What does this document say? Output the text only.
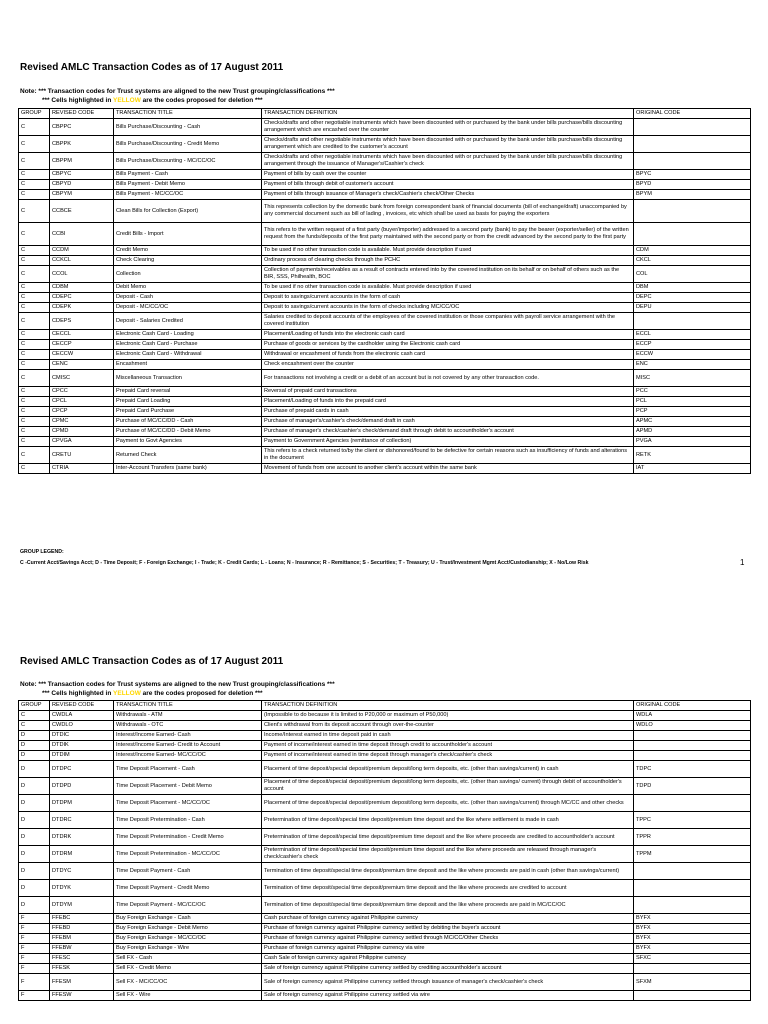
Revised AMLC Transaction Codes as of 17 August 2011
Note: *** Transaction codes for Trust systems are aligned to the new Trust grouping/classifications ***
*** Cells highlighted in YELLOW are the codes proposed for deletion ***
GROUP	REVISED CODE	TRANSACTION TITLE	TRANSACTION DEFINITION	ORIGINAL CODE
C	CBPPC	Bills Purchase/Discounting - Cash	Checks/drafts and other negotiable instruments which have been discounted with or purchased by the bank under bills purchase/bills discounting arrangement which are encashed over the counter	
C	CBPPK	Bills Purchase/Discounting - Credit Memo	Checks/drafts and other negotiable instruments which have been discounted with or purchased by the bank under bills purchase/bills discounting arrangement which are credited to the customer's account	
C	CBPPM	Bills Purchase/Discounting - MC/CC/OC	Checks/drafts and other negotiable instruments which have been discounted with or purchased by the bank under bills purchase/bills discounting arrangement through the issuance of Manager's/Cashier's check	
C	CBPYC	Bills Payment - Cash	Payment of bills by cash over the counter	BPYC
C	CBPYD	Bills Payment - Debit Memo	Payment of bills through debit of customer's account	BPYD
C	CBPYM	Bills Payment - MC/CC/OC	Payment of bills through issuance of Manager's check/Cashier's check/Other Checks	BPYM
C	CCBCE	Clean Bills for Collection (Export)	This represents collection by the domestic bank from foreign correspondent bank of financial documents (bill of exchange/draft) unaccompanied by any commercial document such as bill of lading , invoices, etc which shall be used as basis for paying the exporters	
C	CCBI	Credit Bills - Import	This refers to the written request of a first party (buyer/importer) addressed to a second party (bank) to pay the bearer (exporter/seller) of the written request from the funds/deposits of the first party maintained with the second party or from the credit advanced by the second party to the first party	
C	CCDM	Credit Memo	To be used if no other transaction code is available. Must provide description if used	CDM
C	CCKCL	Check Clearing	Ordinary process of clearing checks through the PCHC	CKCL
C	CCOL	Collection	Collection of payments/receivables as a result of contracts entered into by the covered institution on its behalf or on behalf of others such as the BIR, SSS, Philhealth, BOC	COL
C	CDBM	Debit Memo	To be used if no other transaction code is available. Must provide description if used	DBM
C	CDEPC	Deposit - Cash	Deposit to savings/current accounts in the form of cash	DEPC
C	CDEPK	Deposit - MC/CC/OC	Deposit to savings/current accounts in the form of checks including MC/CC/OC	DEPU
C	CDEPS	Deposit - Salaries Credited	Salaries credited to deposit accounts of the employees of the covered institution or those companies with payroll service arrangement with the covered institution	
C	CECCL	Electronic Cash Card - Loading	Placement/Loading of funds into the electronic cash card	ECCL
C	CECCP	Electronic Cash Card - Purchase	Purchase of goods or services by the cardholder using the Electronic cash card	ECCP
C	CECCW	Electronic Cash Card - Withdrawal	Withdrawal or encashment of funds from the electronic cash card	ECCW
C	CENC	Encashment	Check encashment over the counter	ENC
C	CMISC	Miscellaneous Transaction	For transactions not involving a credit or a debit of an account but is not covered by any other transaction code.	MISC
C	CPCC	Prepaid Card reversal	Reversal of prepaid card transactions	PCC
C	CPCL	Prepaid Card Loading	Placement/Loading of funds into the prepaid card	PCL
C	CPCP	Prepaid Card Purchase	Purchase of prepaid cards in cash	PCP
C	CPMC	Purchase of MC/CC/DD - Cash	Purchase of manager's/cashier's check/demand draft in cash	APMC
C	CPMD	Purchase of MC/CC/DD - Debit Memo	Purchase of manager's check/cashier's check/demand draft through debit to accountholder's account	APMD
C	CPVGA	Payment to Govt Agencies	Payment to Government Agencies (remittance of collection)	PVGA
C	CRETU	Returned Check	This refers to a check returned to/by the client or dishonored/found to be defective for certain reasons such as insufficiency of funds and alterations in the document	RETK
C	CTRIA	Inter-Account Transfers (same bank)	Movement of funds from one account to another client's account within the same bank	IAT
GROUP LEGEND:
C -Current Acct/Savings Acct; D - Time Deposit; F - Foreign Exchange; I - Trade; K - Credit Cards; L - Loans; N - Insurance; R - Remittance; S - Securities; T - Treasury; U - Trust/Investment Mgmt Acct/Custodianship; X - No/Low Risk	1
Revised AMLC Transaction Codes as of 17 August 2011
Note: *** Transaction codes for Trust systems are aligned to the new Trust grouping/classifications ***
*** Cells highlighted in YELLOW are the codes proposed for deletion ***
GROUP	REVISED CODE	TRANSACTION TITLE	TRANSACTION DEFINITION	ORIGINAL CODE
C	CWDLA	Withdrawals - ATM	(Impossible to do because it is limited to P20,000 or maximum of P50,000)	WDLA
C	CWDLO	Withdrawals - OTC	Client's withdrawal from its deposit account through over-the-counter	WDLO
D	DTDIC	Interest/Income Earned- Cash	Income/Interest earned in time deposit paid in cash	
D	DTDIK	Interest/Income Earned- Credit to Account	Payment of income/interest earned in time deposit through credit to accountholder's account	
D	DTDIM	Interest/Income Earned- MC/CC/OC	Payment of income/interest earned in time deposit through manager's check/cashier's check	
D	DTDPC	Time Deposit Placement - Cash	Placement of time deposit/special deposit/premium deposit/long term deposits, etc. (other than savings/current) in cash	TDPC
D	DTDPD	Time Deposit Placement - Debit Memo	Placement of time deposit/special deposit/premium deposit/long term deposits, etc. (other than savings/ current) through debit of accountholder's account	TDPD
D	DTDPM	Time Deposit Placement - MC/CC/OC	Placement of time deposit/special deposit/premium deposit/long term deposits, etc. (other than savings/current) through MC/CC and other checks	
D	DTDRC	Time Deposit Pretermination - Cash	Pretermination of time deposit/special time deposit/premium time deposit and the like where settlement is made in cash	TPPC
D	DTDRK	Time Deposit Pretermination - Credit Memo	Pretermination of time deposit/special time deposit/premium time deposit and the like where proceeds are credited to accountholder's account	TPPR
D	DTDRM	Time Deposit Pretermination - MC/CC/OC	Pretermination of time deposit/special time deposit/premium time deposit and the like where proceeds are released through manager's check/cashier's check	TPPM
D	DTDYC	Time Deposit Payment - Cash	Termination of time deposit/special time deposit/premium time deposit and the like where proceeds are paid in cash (other than savings/current)	
D	DTDYK	Time Deposit Payment - Credit Memo	Termination of time deposit/special time deposit/premium time deposit and the like where proceeds are credited to account	
D	DTDYM	Time Deposit Payment - MC/CC/OC	Termination of time deposit/special time deposit/premium time deposit and the like where proceeds are paid in MC/CC/OC	
F	FFEBC	Buy Foreign Exchange - Cash	Cash purchase of foreign currency against Philippine currency	BYFX
F	FFEBD	Buy Foreign Exchange - Debit Memo	Purchase of foreign currency against Philippine currency settled by debiting the buyer's account	BYFX
F	FFEBM	Buy Foreign Exchange - MC/CC/OC	Purchase of foreign currency against Philippine currency settled through MC/CC/Other Checks	BYFX
F	FFEBW	Buy Foreign Exchange - Wire	Purchase of foreign currency against Philippine currency via wire	BYFX
F	FFESC	Sell FX - Cash	Cash Sale of foreign currency against Philippine currency	SFXC
F	FFESK	Sell FX - Credit Memo	Sale of foreign currency against Philippine currency settled by crediting accountholder's account	
F	FFESM	Sell FX - MC/CC/OC	Sale of foreign currency against Philippine currency settled through issuance of manager's check/cashier's check	SFXM
F	FFESW	Sell FX - Wire	Sale of foreign currency against Philippine currency settled via wire	
